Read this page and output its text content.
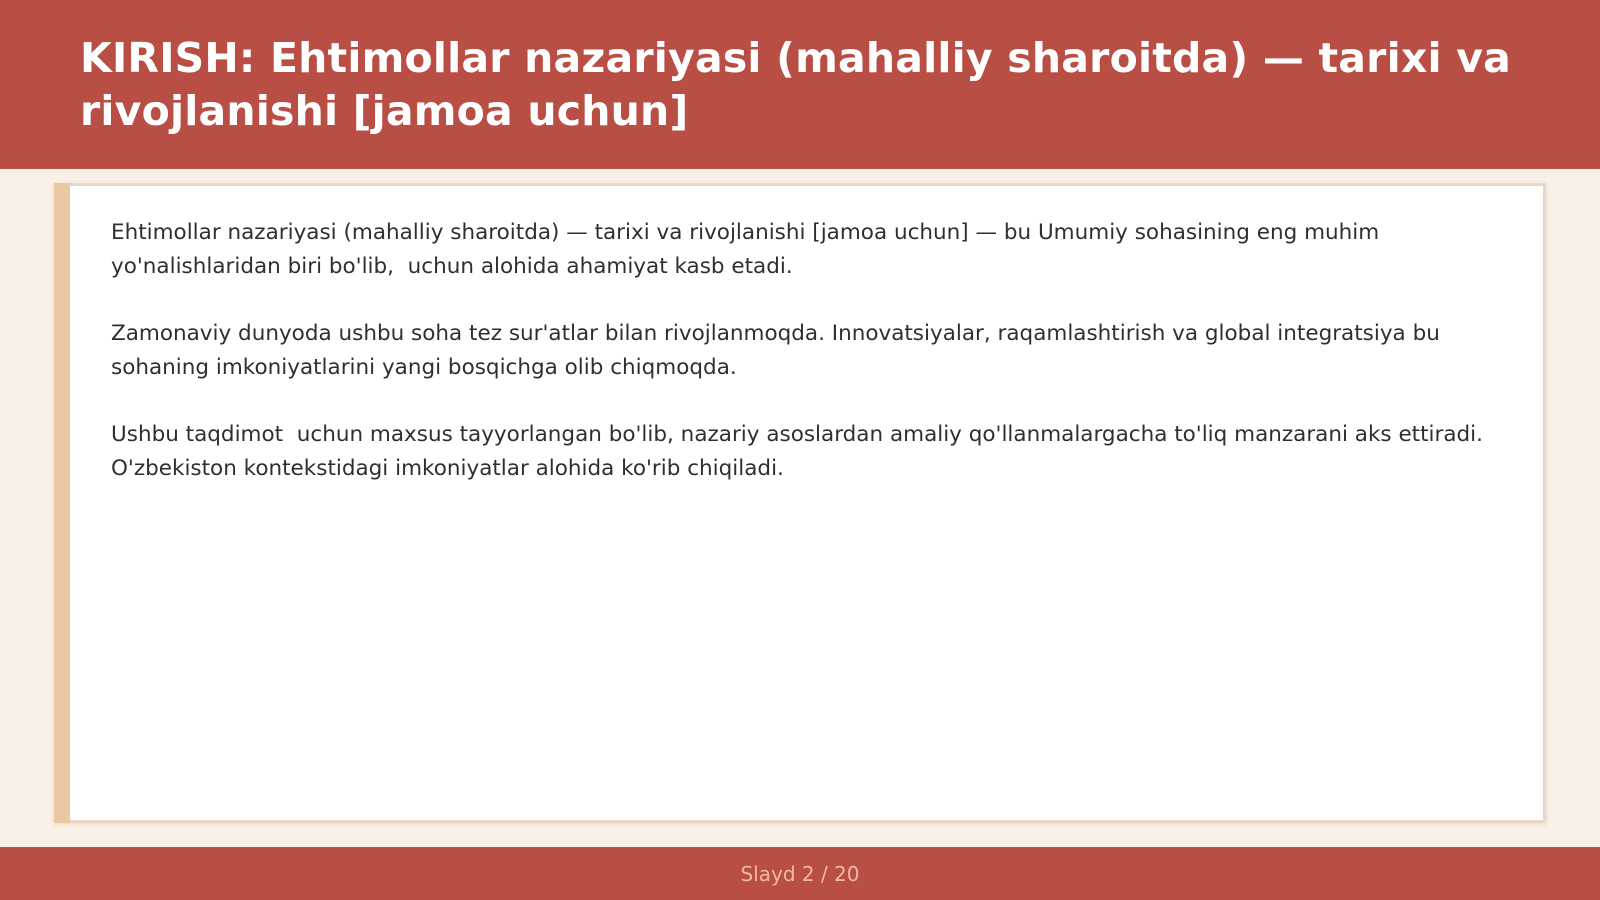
KIRISH: Ehtimollar nazariyasi (mahalliy sharoitda) — tarixi va rivojlanishi [jamoa uchun]

Ehtimollar nazariyasi (mahalliy sharoitda) — tarixi va rivojlanishi [jamoa uchun] — bu Umumiy sohasining eng muhim yo'nalishlaridan biri bo'lib,  uchun alohida ahamiyat kasb etadi.

Zamonaviy dunyoda ushbu soha tez sur'atlar bilan rivojlanmoqda. Innovatsiyalar, raqamlashtirish va global integratsiya bu sohaning imkoniyatlarini yangi bosqichga olib chiqmoqda.

Ushbu taqdimot  uchun maxsus tayyorlangan bo'lib, nazariy asoslardan amaliy qo'llanmalargacha to'liq manzarani aks ettiradi. O'zbekiston kontekstidagi imkoniyatlar alohida ko'rib chiqiladi.

Slayd 2 / 20
